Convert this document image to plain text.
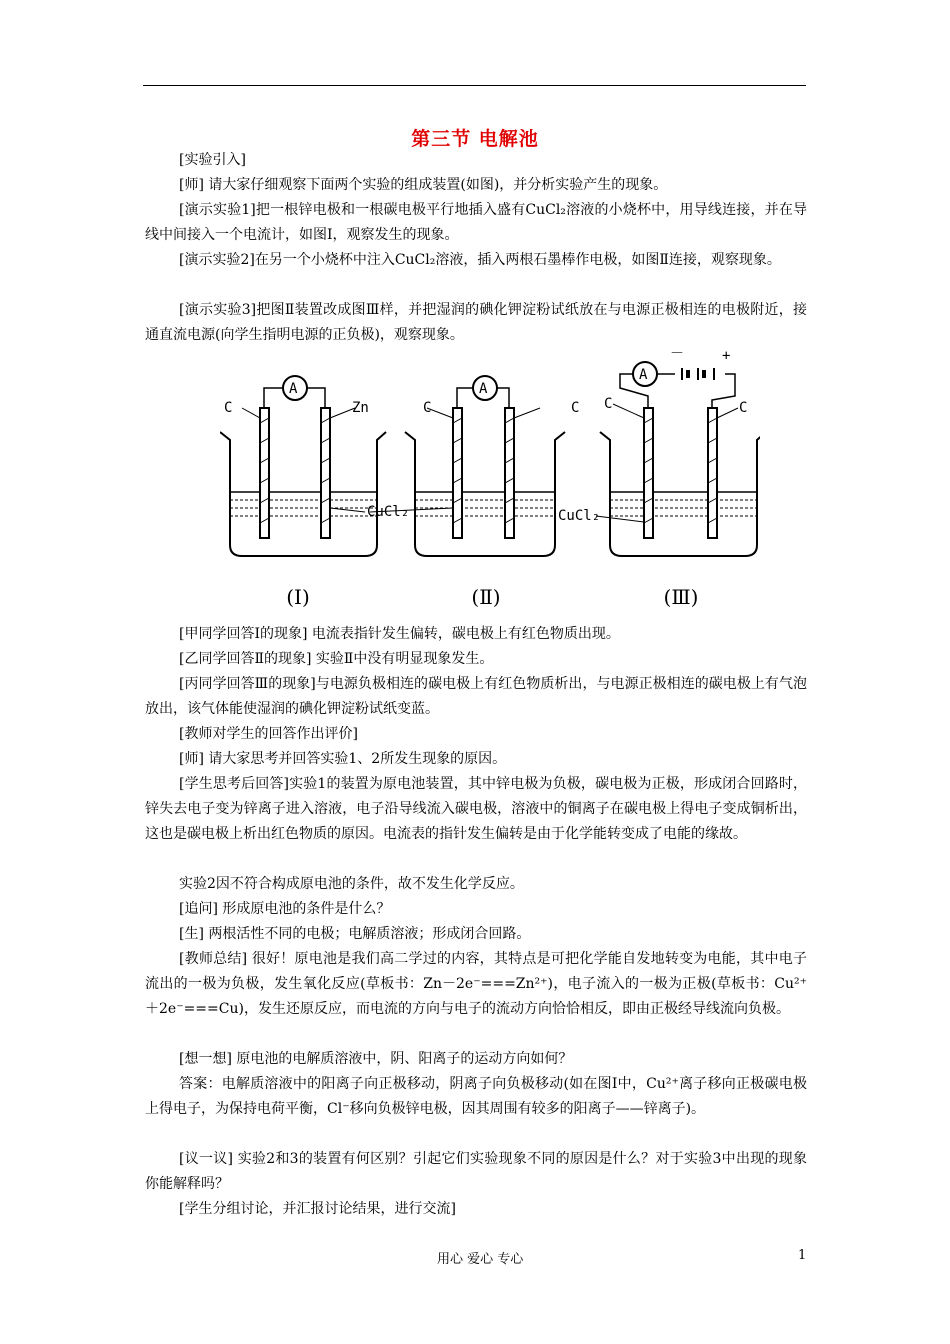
第三节 电解池
[实验引入]
[师] 请大家仔细观察下面两个实验的组成装置(如图)，并分析实验产生的现象。
[演示实验1]把一根锌电极和一根碳电极平行地插入盛有CuCl₂溶液的小烧杯中，用导线连接，并在导线中间接入一个电流计，如图Ⅰ，观察发生的现象。
[演示实验2]在另一个小烧杯中注入CuCl₂溶液，插入两根石墨棒作电极，如图Ⅱ连接，观察现象。
[演示实验3]把图Ⅱ装置改成图Ⅲ样，并把湿润的碘化钾淀粉试纸放在与电源正极相连的电极附近，接通直流电源(向学生指明电源的正负极)，观察现象。
A
C	Zn
CuCl₂
A
C	C
A
－	+
C	C
CuCl₂
(Ⅰ)	(Ⅱ)	(Ⅲ)
[甲同学回答Ⅰ的现象] 电流表指针发生偏转，碳电极上有红色物质出现。
[乙同学回答Ⅱ的现象] 实验Ⅱ中没有明显现象发生。
[丙同学回答Ⅲ的现象]与电源负极相连的碳电极上有红色物质析出，与电源正极相连的碳电极上有气泡放出，该气体能使湿润的碘化钾淀粉试纸变蓝。
[教师对学生的回答作出评价]
[师] 请大家思考并回答实验1、2所发生现象的原因。
[学生思考后回答]实验1的装置为原电池装置，其中锌电极为负极，碳电极为正极，形成闭合回路时，锌失去电子变为锌离子进入溶液，电子沿导线流入碳电极，溶液中的铜离子在碳电极上得电子变成铜析出，这也是碳电极上析出红色物质的原因。电流表的指针发生偏转是由于化学能转变成了电能的缘故。
实验2因不符合构成原电池的条件，故不发生化学反应。
[追问] 形成原电池的条件是什么？
[生] 两根活性不同的电极；电解质溶液；形成闭合回路。
[教师总结] 很好！原电池是我们高二学过的内容，其特点是可把化学能自发地转变为电能，其中电子流出的一极为负极，发生氧化反应(草板书：Zn－2e⁻===Zn²⁺)，电子流入的一极为正极(草板书：Cu²⁺＋2e⁻===Cu)，发生还原反应，而电流的方向与电子的流动方向恰恰相反，即由正极经导线流向负极。
[想一想] 原电池的电解质溶液中，阴、阳离子的运动方向如何？
答案：电解质溶液中的阳离子向正极移动，阴离子向负极移动(如在图Ⅰ中，Cu²⁺离子移向正极碳电极上得电子，为保持电荷平衡，Cl⁻移向负极锌电极，因其周围有较多的阳离子——锌离子)。
[议一议] 实验2和3的装置有何区别？引起它们实验现象不同的原因是什么？对于实验3中出现的现象你能解释吗？
[学生分组讨论，并汇报讨论结果，进行交流]
用心 爱心 专心	1
